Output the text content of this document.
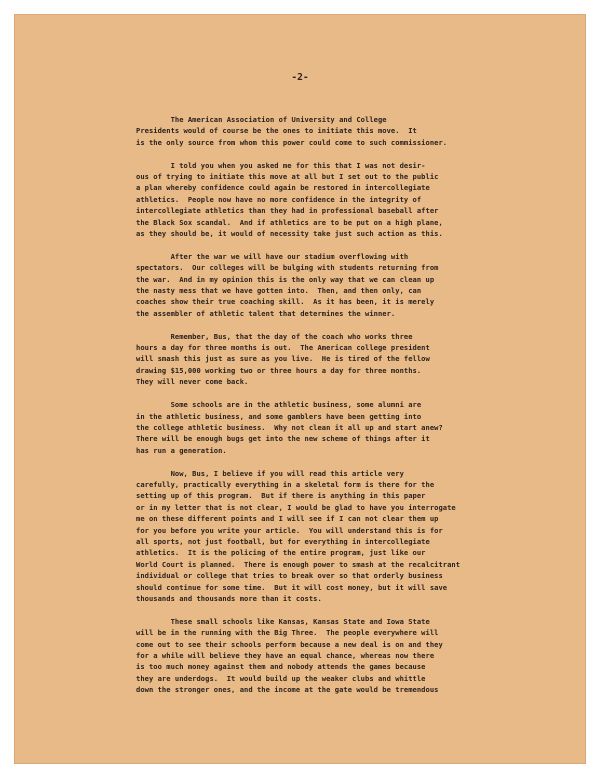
-2-
The American Association of University and College
Presidents would of course be the ones to initiate this move.  It
is the only source from whom this power could come to such commissioner.
I told you when you asked me for this that I was not desir-
ous of trying to initiate this move at all but I set out to the public
a plan whereby confidence could again be restored in intercollegiate
athletics.  People now have no more confidence in the integrity of
intercollegiate athletics than they had in professional baseball after
the Black Sox scandal.  And if athletics are to be put on a high plane,
as they should be, it would of necessity take just such action as this.
After the war we will have our stadium overflowing with
spectators.  Our colleges will be bulging with students returning from
the war.  And in my opinion this is the only way that we can clean up
the nasty mess that we have gotten into.  Then, and then only, can
coaches show their true coaching skill.  As it has been, it is merely
the assembler of athletic talent that determines the winner.
Remember, Bus, that the day of the coach who works three
hours a day for three months is out.  The American college president
will smash this just as sure as you live.  He is tired of the fellow
drawing $15,000 working two or three hours a day for three months.
They will never come back.
Some schools are in the athletic business, some alumni are
in the athletic business, and some gamblers have been getting into
the college athletic business.  Why not clean it all up and start anew?
There will be enough bugs get into the new scheme of things after it
has run a generation.
Now, Bus, I believe if you will read this article very
carefully, practically everything in a skeletal form is there for the
setting up of this program.  But if there is anything in this paper
or in my letter that is not clear, I would be glad to have you interrogate
me on these different points and I will see if I can not clear them up
for you before you write your article.  You will understand this is for
all sports, not just football, but for everything in intercollegiate
athletics.  It is the policing of the entire program, just like our
World Court is planned.  There is enough power to smash at the recalcitrant
individual or college that tries to break over so that orderly business
should continue for some time.  But it will cost money, but it will save
thousands and thousands more than it costs.
These small schools like Kansas, Kansas State and Iowa State
will be in the running with the Big Three.  The people everywhere will
come out to see their schools perform because a new deal is on and they
for a while will believe they have an equal chance, whereas now there
is too much money against them and nobody attends the games because
they are underdogs.  It would build up the weaker clubs and whittle
down the stronger ones, and the income at the gate would be tremendous
